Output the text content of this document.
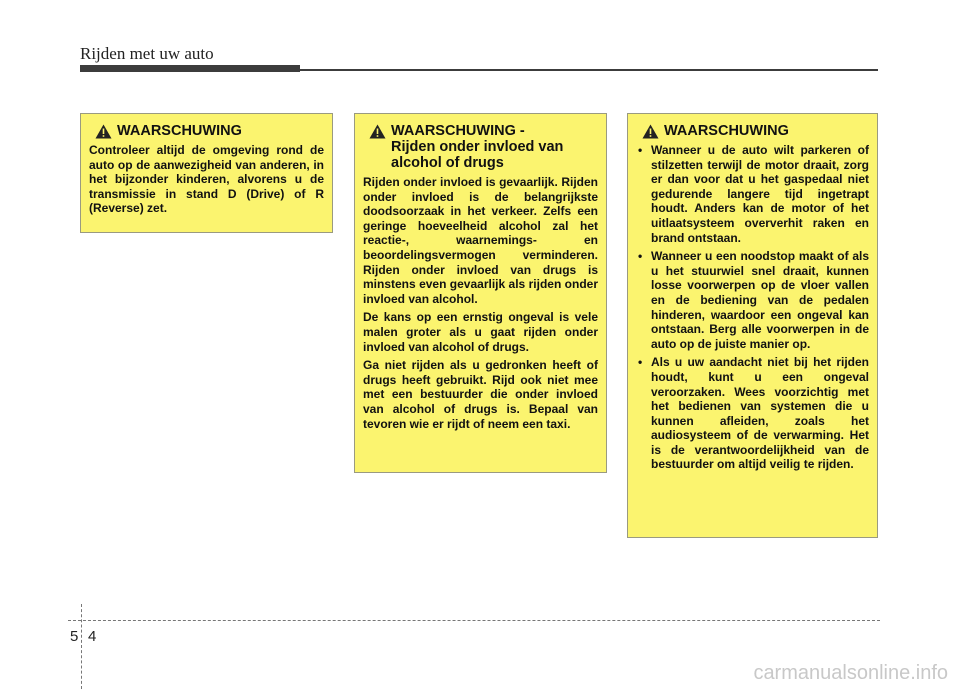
Rijden met uw auto
WAARSCHUWING

Controleer altijd de omgeving rond de auto op de aanwezigheid van anderen, in het bijzonder kinderen, alvorens u de transmissie in stand D (Drive) of R (Reverse) zet.

WAARSCHUWING - Rijden onder invloed van alcohol of drugs

Rijden onder invloed is gevaarlijk. Rijden onder invloed is de belangrijkste doodsoorzaak in het verkeer. Zelfs een geringe hoeveelheid alcohol zal het reactie-, waarnemings- en beoordelingsvermogen verminderen. Rijden onder invloed van drugs is minstens even gevaarlijk als rijden onder invloed van alcohol.

De kans op een ernstig ongeval is vele malen groter als u gaat rijden onder invloed van alcohol of drugs.

Ga niet rijden als u gedronken heeft of drugs heeft gebruikt. Rijd ook niet mee met een bestuurder die onder invloed van alcohol of drugs is. Bepaal van tevoren wie er rijdt of neem een taxi.

WAARSCHUWING
• Wanneer u de auto wilt parkeren of stilzetten terwijl de motor draait, zorg er dan voor dat u het gaspedaal niet gedurende langere tijd ingetrapt houdt. Anders kan de motor of het uitlaatsysteem oververhit raken en brand ontstaan.
• Wanneer u een noodstop maakt of als u het stuurwiel snel draait, kunnen losse voorwerpen op de vloer vallen en de bediening van de pedalen hinderen, waardoor een ongeval kan ontstaan. Berg alle voorwerpen in de auto op de juiste manier op.
• Als u uw aandacht niet bij het rijden houdt, kunt u een ongeval veroorzaken. Wees voorzichtig met het bedienen van systemen die u kunnen afleiden, zoals het audiosysteem of de verwarming. Het is de verantwoordelijkheid van de bestuurder om altijd veilig te rijden.
5 4
carmanualsonline.info
